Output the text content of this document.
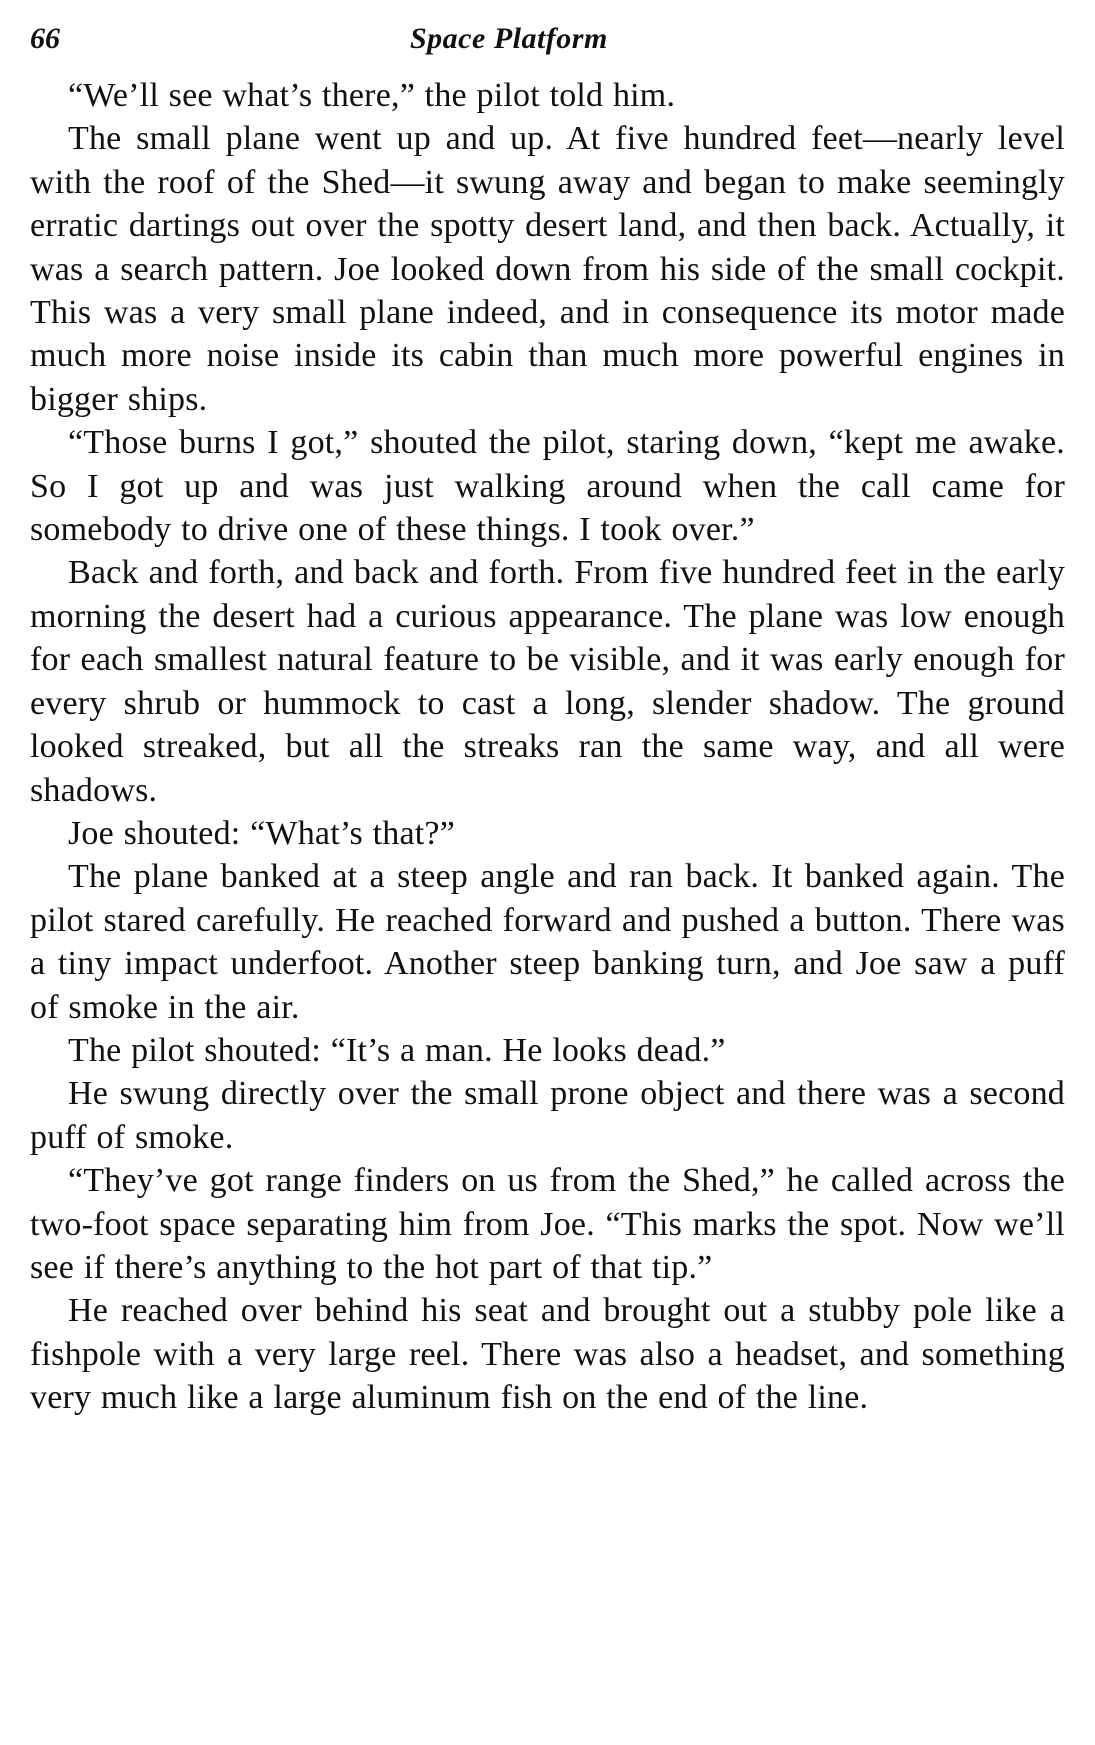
66	Space Platform

“We’ll see what’s there,” the pilot told him.

The small plane went up and up. At five hundred feet—nearly level with the roof of the Shed—it swung away and began to make seemingly erratic dartings out over the spotty desert land, and then back. Actually, it was a search pattern. Joe looked down from his side of the small cockpit. This was a very small plane indeed, and in consequence its motor made much more noise inside its cabin than much more powerful engines in bigger ships.

“Those burns I got,” shouted the pilot, staring down, “kept me awake. So I got up and was just walking around when the call came for somebody to drive one of these things. I took over.”

Back and forth, and back and forth. From five hundred feet in the early morning the desert had a curious appearance. The plane was low enough for each smallest natural feature to be visible, and it was early enough for every shrub or hummock to cast a long, slender shadow. The ground looked streaked, but all the streaks ran the same way, and all were shadows.

Joe shouted: “What’s that?”

The plane banked at a steep angle and ran back. It banked again. The pilot stared carefully. He reached forward and pushed a button. There was a tiny impact underfoot. Another steep banking turn, and Joe saw a puff of smoke in the air.

The pilot shouted: “It’s a man. He looks dead.”

He swung directly over the small prone object and there was a second puff of smoke.

“They’ve got range finders on us from the Shed,” he called across the two-foot space separating him from Joe. “This marks the spot. Now we’ll see if there’s anything to the hot part of that tip.”

He reached over behind his seat and brought out a stubby pole like a fishpole with a very large reel. There was also a headset, and something very much like a large aluminum fish on the end of the line.
